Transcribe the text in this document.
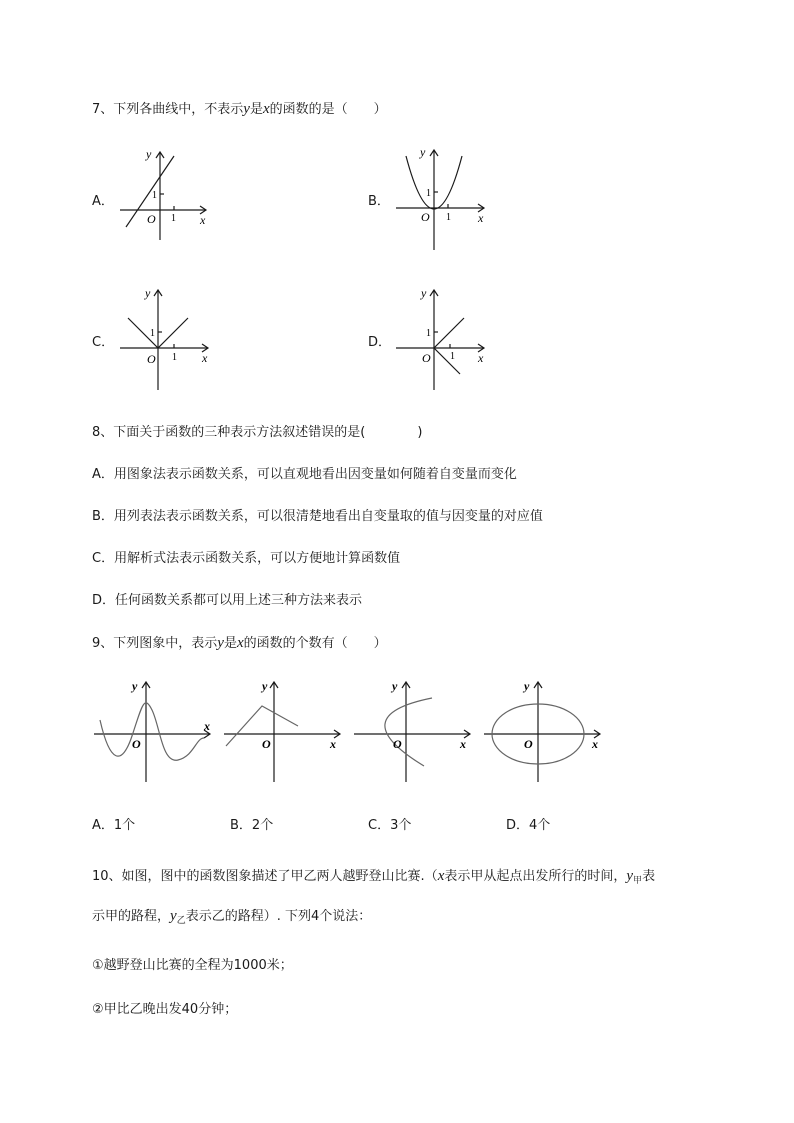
7、下列各曲线中，不表示y是x的函数的是（　　）
A．	B．
C．	D．
y
x
O 1
1
y
x
O 1
1
y
x
O 1
1
y
x
O 1
1
8、下面关于函数的三种表示方法叙述错误的是(　　　　)
A．用图象法表示函数关系，可以直观地看出因变量如何随着自变量而变化
B．用列表法表示函数关系，可以很清楚地看出自变量取的值与因变量的对应值
C．用解析式法表示函数关系，可以方便地计算函数值
D．任何函数关系都可以用上述三种方法来表示
9、下列图象中，表示y是x的函数的个数有（　　）
y
x
O
y
x
O
y
x
O
y
x
O
A．1个	B．2个	C．3个	D．4个
10、如图，图中的函数图象描述了甲乙两人越野登山比赛.（x表示甲从起点出发所行的时间，$y_甲$表
示甲的路程，$y_乙$表示乙的路程）. 下列4个说法：
①越野登山比赛的全程为1000米；
②甲比乙晚出发40分钟；
